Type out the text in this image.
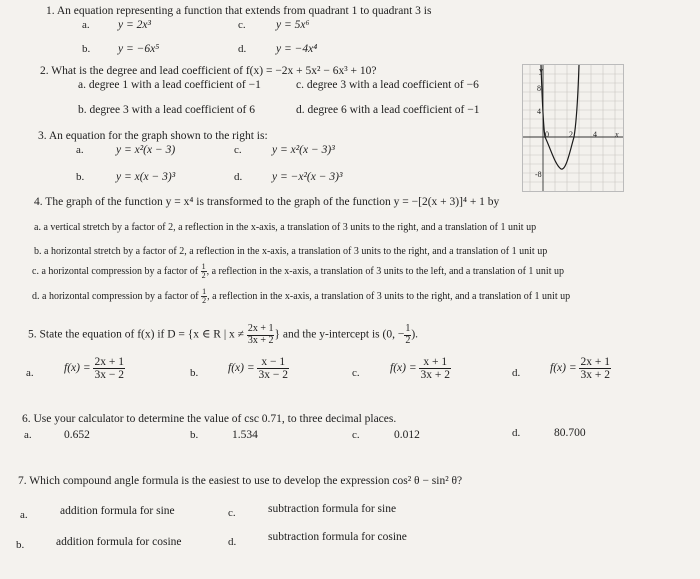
1. An equation representing a function that extends from quadrant 1 to quadrant 3 is
a. y = 2x³	c.	y = 5x⁶
b. y = −6x⁵	d.	y = −4x⁴
2. What is the degree and lead coefficient of f(x) = −2x + 5x² − 6x³ + 10?
a. degree 1 with a lead coefficient of −1	c. degree 3 with a lead coefficient of −6
b. degree 3 with a lead coefficient of 6	d. degree 6 with a lead coefficient of −1
3. An equation for the graph shown to the right is:
a.	y = x²(x − 3)	c.	y = x²(x − 3)³
b.	y = x(x − 3)³	d.	y = −x²(x − 3)³
y
8
4
0	2	4 x
-8
4. The graph of the function y = x⁴ is transformed to the graph of the function y = −[2(x + 3)]⁴ + 1 by
a. a vertical stretch by a factor of 2, a reflection in the x-axis, a translation of 3 units to the right, and a translation of 1 unit up
b. a horizontal stretch by a factor of 2, a reflection in the x-axis, a translation of 3 units to the right, and a translation of 1 unit up
c. a horizontal compression by a factor of $\frac{1}{2}$ , a reflection in the x-axis, a translation of 3 units to the left, and a translation of 1 unit up
d. a horizontal compression by a factor of $\frac{1}{2}$ , a reflection in the x-axis, a translation of 3 units to the right, and a translation of 1 unit up
5. State the equation of f(x) if D = {x ∈ R | $x \ne \frac{2x + 1}{3x + 2}$ } and the y-intercept is (0, − $\frac{1}{2}$ ).
a.	$f(x) = \frac{2x + 1}{3x - 2}$	b.	$f(x) = \frac{x - 1}{3x - 2}$	c.	$f(x) = \frac{x + 1}{3x + 2}$	d.	$f(x) = \frac{2x + 1}{3x + 2}$
6. Use your calculator to determine the value of csc 0.71, to three decimal places.
a.	0.652	b.	1.534	c.	0.012	d.	80.700
7. Which compound angle formula is the easiest to use to develop the expression cos² θ − sin² θ?
a.	addition formula for sine	c.	subtraction formula for sine
b.	addition formula for cosine	d.	subtraction formula for cosine
